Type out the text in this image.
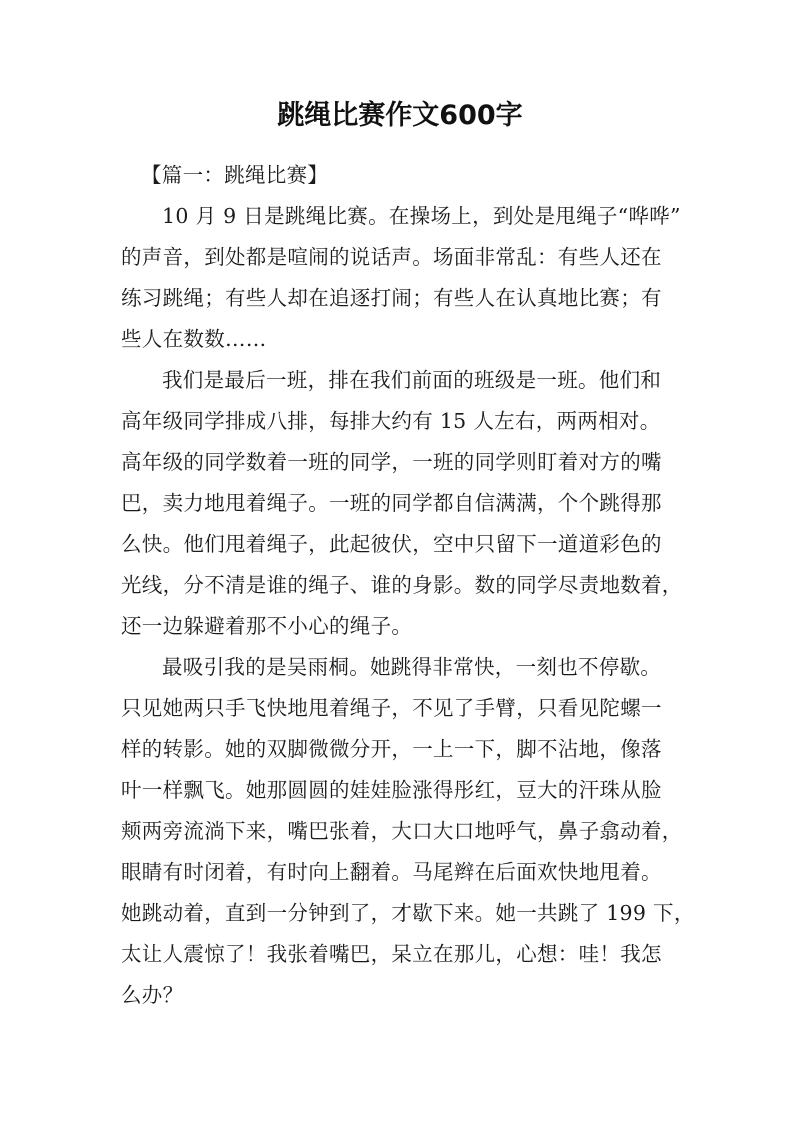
跳绳比赛作文600字

【篇一：跳绳比赛】

10 月 9 日是跳绳比赛。在操场上，到处是甩绳子“哗哗”
的声音，到处都是喧闹的说话声。场面非常乱：有些人还在
练习跳绳；有些人却在追逐打闹；有些人在认真地比赛；有
些人在数数……

我们是最后一班，排在我们前面的班级是一班。他们和
高年级同学排成八排，每排大约有 15 人左右，两两相对。
高年级的同学数着一班的同学，一班的同学则盯着对方的嘴
巴，卖力地甩着绳子。一班的同学都自信满满，个个跳得那
么快。他们甩着绳子，此起彼伏，空中只留下一道道彩色的
光线，分不清是谁的绳子、谁的身影。数的同学尽责地数着，
还一边躲避着那不小心的绳子。

最吸引我的是吴雨桐。她跳得非常快，一刻也不停歇。
只见她两只手飞快地甩着绳子，不见了手臂，只看见陀螺一
样的转影。她的双脚微微分开，一上一下，脚不沾地，像落
叶一样飘飞。她那圆圆的娃娃脸涨得彤红，豆大的汗珠从脸
颊两旁流淌下来，嘴巴张着，大口大口地呼气，鼻子翕动着，
眼睛有时闭着，有时向上翻着。马尾辫在后面欢快地甩着。
她跳动着，直到一分钟到了，才歇下来。她一共跳了 199 下，
太让人震惊了！我张着嘴巴，呆立在那儿，心想：哇！我怎
么办？
